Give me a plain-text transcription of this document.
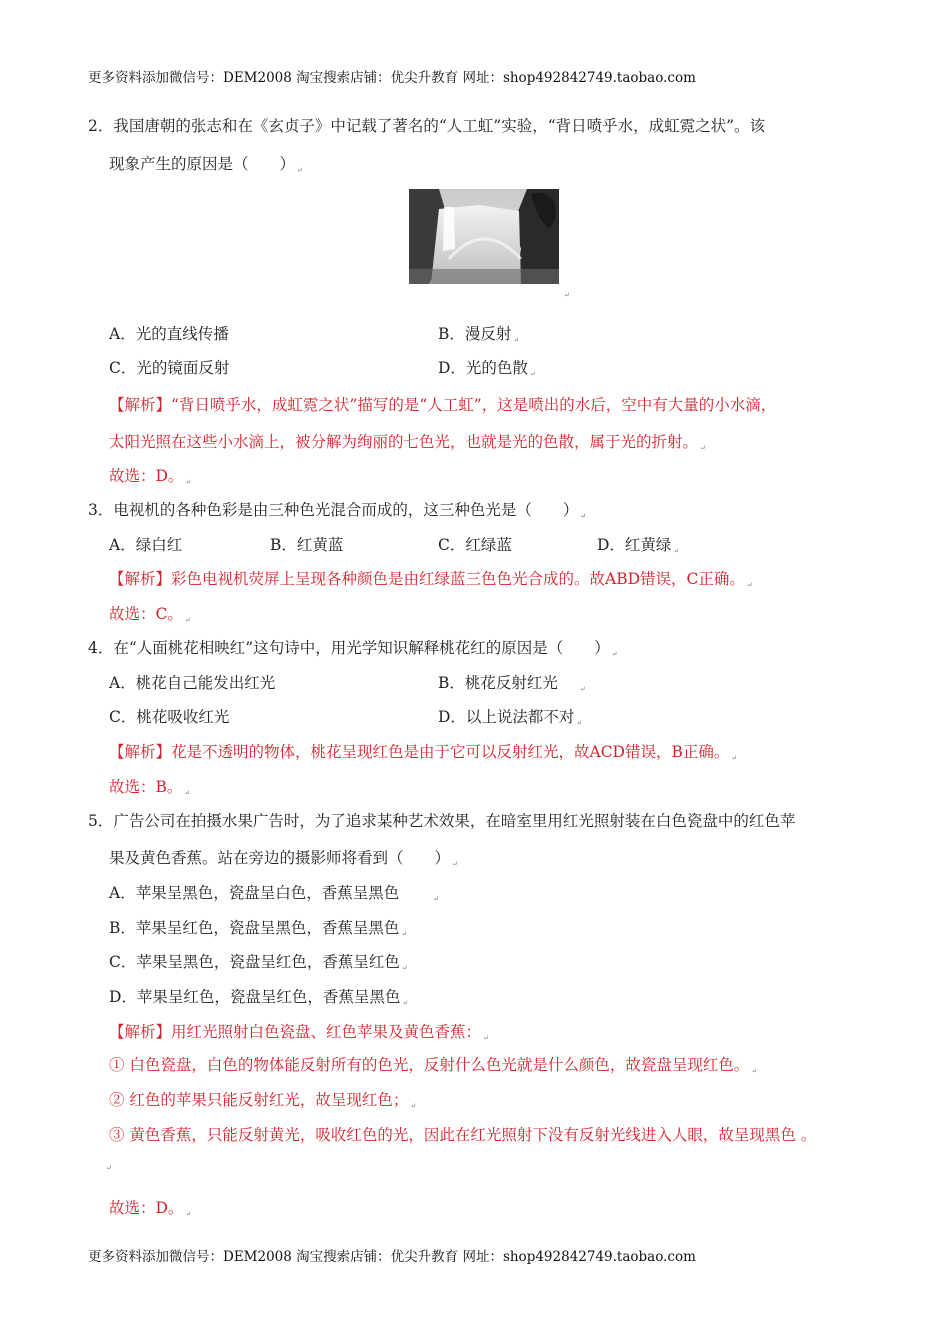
更多资料添加微信号：DEM2008 淘宝搜索店铺：优尖升教育 网址：shop492842749.taobao.com
2．我国唐朝的张志和在《玄贞子》中记载了著名的“人工虹”实验，“背日喷乎水，成虹霓之状”。该
现象产生的原因是（　　） ↵
↵
A．光的直线传播	B．漫反射 ↵
C．光的镜面反射	D．光的色散 ↵
【解析】“背日喷乎水，成虹霓之状”描写的是“人工虹”，这是喷出的水后，空中有大量的小水滴，
太阳光照在这些小水滴上，被分解为绚丽的七色光，也就是光的色散，属于光的折射。 ↵
故选：D。 ↵
3．电视机的各种色彩是由三种色光混合而成的，这三种色光是（　　） ↵
A．绿白红	B．红黄蓝	C．红绿蓝	D．红黄绿 ↵
【解析】彩色电视机荧屏上呈现各种颜色是由红绿蓝三色色光合成的。故ABD错误，C正确。 ↵
故选：C。 ↵
4．在“人面桃花相映红”这句诗中，用光学知识解释桃花红的原因是（　　） ↵
A．桃花自己能发出红光	B．桃花反射红光	↵
C．桃花吸收红光	D．以上说法都不对 ↵
【解析】花是不透明的物体，桃花呈现红色是由于它可以反射红光，故ACD错误，B正确。 ↵
故选：B。 ↵
5．广告公司在拍摄水果广告时，为了追求某种艺术效果，在暗室里用红光照射装在白色瓷盘中的红色苹
果及黄色香蕉。站在旁边的摄影师将看到（　　） ↵
A．苹果呈黑色，瓷盘呈白色，香蕉呈黑色	↵
B．苹果呈红色，瓷盘呈黑色，香蕉呈黑色 ↵
C．苹果呈黑色，瓷盘呈红色，香蕉呈红色 ↵
D．苹果呈红色，瓷盘呈红色，香蕉呈黑色 ↵
【解析】用红光照射白色瓷盘、红色苹果及黄色香蕉： ↵
① 白色瓷盘，白色的物体能反射所有的色光，反射什么色光就是什么颜色，故瓷盘呈现红色。 ↵
② 红色的苹果只能反射红光，故呈现红色； ↵
③ 黄色香蕉，只能反射黄光，吸收红色的光，因此在红光照射下没有反射光线进入人眼，故呈现黑色 。
↵
故选：D。 ↵
更多资料添加微信号：DEM2008 淘宝搜索店铺：优尖升教育 网址：shop492842749.taobao.com
